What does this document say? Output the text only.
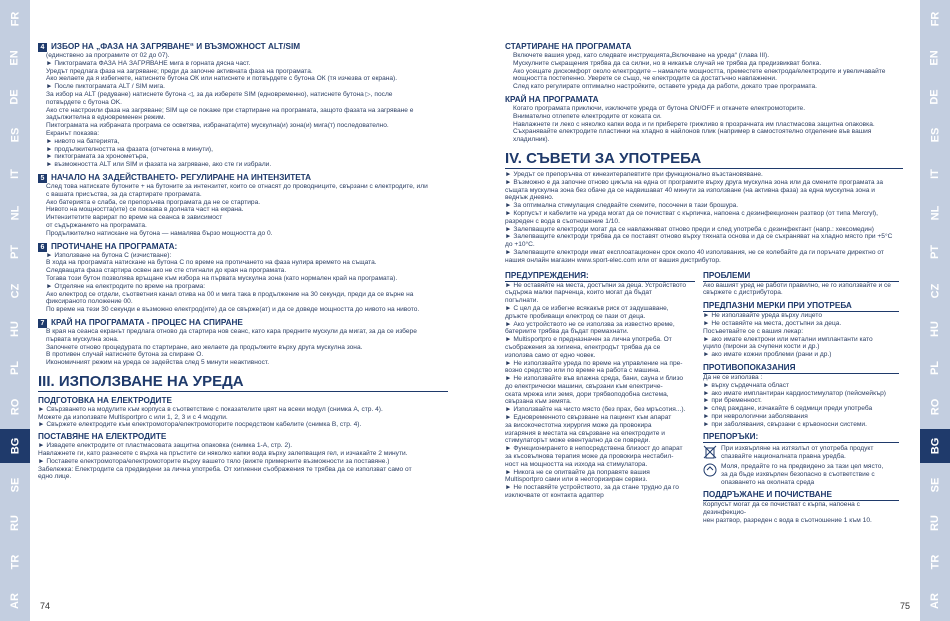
FR
EN
DE
ES
IT
NL
PT
CZ
HU
PL
RO
BG
SE
RU
TR
AR
FR
EN
DE
ES
IT
NL
PT
CZ
HU
PL
RO
BG
SE
RU
TR
AR

4 ИЗБОР НА „ФАЗА НА ЗАГРЯВАНЕ“ И ВЪЗМОЖНОСТ ALT/SIM

(единствено за програмите от 02 до 07).

► Пиктограмата ФАЗА НА ЗАГРЯВАНЕ мига в горната дясна част.

Уредът предлага фаза на загряване; преди да започне активната фаза на програмата.

Ако желаете да я избегнете, натиснете бутона ОК или натиснете и потвърдете с бутона ОК (тя изчезва от екрана).

► После пиктограмата ALT / SIM мига.

За избор на ALT (редуване) натиснете бутона ◁, за да изберете SIM (едновременно), натиснете бутона ▷, после

потвърдете с бутона OK.

Ако сте настроили фаза на загряване; SIM ще се покаже при стартиране на програмата, защото фазата на загряване е

задължителна в едновременен режим.

Пиктограмата на избраната програма се осветява, избраната(ите) мускулна(и) зона(и) мига(т) последователно.

Екранът показва:

► нивото на батерията,

► продължителността на фазата (отчетена в минути),

► пиктограмата за хронометъра,

► възможността ALT или SIM и фазата на загряване, ако сте ги избрали.

5 НАЧАЛО НА ЗАДЕЙСТВАНЕТО- РЕГУЛИРАНЕ НА ИНТЕНЗИТЕТА

След това натискате бутоните + на бутоните за интензитет, които се отнасят до проводниците, свързани с електродите, или

с вашата присъства, за да стартирате програмата.

Ако батерията е слаба, се препоръчва програмата да не се стартира.

Нивото на мощността(ите) се показва в долната част на екрана.

Интензитетите варират по време на сеанса в зависимост

от съдържанието на програмата.

Продължително натискане на бутона — намалява бързо мощността до 0.

6 ПРОТИЧАНЕ НА ПРОГРАМАТА:

► Използване на бутона C (изчистване):

В хода на програмата натискане на бутона C по време на протичането на фаза нулира времето на същата.

Следващата фаза стартира освен ако не сте стигнали до края на програмата.

Тогава този бутон позволява връщане към избора на първата мускулна зона (като нормален край на програмата).

► Отделяне на електродите по време на програма:

Ако електрод се отдели, съответния канал отива на 00 и мига така в продължение на 30 секунди, преди да се върне на

фиксираното положение 00.

По време на тези 30 секунди е възможно електрод(ите) да се свърже(ат) и да се доведе мощността до нивото на нивото.

7 КРАЙ НА ПРОГРАМАТА - ПРОЦЕС НА СПИРАНЕ

В края на сеанса екранът предлага отново да стартира нов сеанс, като кара предните мускули да мигат, за да се избере

първата мускулна зона.

Започнете отново процедурата по стартиране, ако желаете да продължите върху друга мускулна зона.

В противен случай натиснете бутона за спиране O.

Икономичният режим на уреда се задейства след 5 минути неактивност.

III. ИЗПОЛЗВАНЕ НА УРЕДА

ПОДГОТОВКА НА ЕЛЕКТРОДИТЕ

► Свързването на модулите към корпуса в съответствие с показателите цвят на всеки модул (снимка А, стр. 4).

Можете да използвате Multisportpro с или 1, 2, 3 и с 4 модули.

► Свържете електродите към електромотора/електромоторите посредством кабелите (снимка B, стр. 4).

ПОСТАВЯНЕ НА ЕЛЕКТРОДИТЕ

► Извадете електродите от пластмасовата защитна опаковка (снимка 1-A, стр. 2).

Навлажнете ги, като разнесете с върха на пръстите си няколко капки вода върху залепващия гел, и изчакайте 2 минути.

► Поставете електромотора/електромоторите върху вашето тяло (вижте примерните възможности за поставяне.)

Забележка: Електродите са предвидени за лична употреба. От хигиенни съображения те трябва да се използват само от

едно лице.

74

СТАРТИРАНЕ НА ПРОГРАМАТА

Включете вашия уред, като следвате инструкцията„Включване на уреда“ (глава III).

Мускулните съкращения трябва да са силни, но в никакъв случай не трябва да предизвикват болка.

Ако усещате дискомфорт около електродите – намалете мощността, преместете електрода/електродите и увеличавайте

мощността постепенно. Уверете се също, че електродите са достатъчно навлажнени.

След като регулирате оптимално настройките, оставете уреда да работи, докато трае програмата.

КРАЙ НА ПРОГРАМАТА

Когато програмата приключи, изключете уреда от бутона ON/OFF и откачете електромоторите.

Внимателно отлепете електродите от кожата си.

Навлажнете ги леко с няколко капки вода и ги приберете грижливо в прозрачната им пластмасова защитна опаковка.

Съхранявайте електродите пластинки на хладно в найлонов плик (например в самостоятелно отделение във вашия

хладилник).

IV. СЪВЕТИ ЗА УПОТРЕБА

► Уредът се препоръчва от кинезитерапевтите при функционално възстановяване.

► Възможно е да започне отново цикъла на една от програмите върху друга мускулна зона или да смените програмата за

същата мускулна зона без обаче да се надвишават 40 минути за използване (на активна фаза) за една мускулна зона и

веднъж дневно.

► За оптимална стимулация следвайте схемите, посочени в тази брошура.

► Корпусът и кабелите на уреда могат да се почистват с кърпичка, напоена с дезинфекционен разтвор (от типа Mercryl),

разреден с вода в съотношение 1/10.

► Залепващите електроди могат да се навлажняват отново преди и след употреба с дезинфектант (напр.: хексомедин)

► Залепващите електроди трябва да се поставят отново върху тяхната основа и да се съхраняват на хладно място при +5°C

до +10°C.

► Залепващите електроди имат експлоатационен срок около 40 използвания, не се колебайте да ги поръчате директно от

нашия онлайн магазин www.sport-elec.com или от вашия дистрибутор.

ПРЕДУПРЕЖДЕНИЯ:

► Не оставяйте на места, достъпни за деца. Устройството

съдържа малки парченца, които могат да бъдат

погълнати.

► С цел да се избегне всякакъв риск от задушаване,

дръжте пробиващи електрод се пази от деца.

► Ако устройството не се използва за известно време,

батериите трябва да бъдат премахнати.

► Multisportpro е предназначен за лична употреба. От

съображения за хигиена, електродът трябва да се

използва само от едно човек.

► Не използвайте уреда по време на управление на пре-

возно средство или по време на работа с машина.

► Не използвайте във влажна среда, бани, сауна и близо

до електрически машини, свързани към електриче-

ската мрежа или земя, дори трябвоподобна система,

свързана към земята.

► Използвайте на чисто място (без прах, без мръсотия...).

► Едновременното свързване на пациент към апарат

за високочестотна хирургия може да провокира

изгаряния в местата на свързване на електродите и

стимулаторът може евентуално да се повреди.

► Функционирането в непосредствена близост до апарат

за късовълнова терапия може да провокира нестабил-

ност на мощността на изхода на стимулатора.

► Никога не се опитвайте да поправяте вашия

Multisportpro сами или в неоторизиран сервиз.

► Не поставяйте устройството, за да стане трудно да го

изключвате от контакта адаптер

ПРОБЛЕМИ

Ако вашият уред не работи правилно, не го използвайте и се

свържете с дистрибутора.

ПРЕДПАЗНИ МЕРКИ ПРИ УПОТРЕБА

► Не използвайте уреда върху лицето

► Не оставяйте на места, достъпни за деца.

Посъветвайте се с вашия лекар:

► ако имате електрони или метални имплантанти като

уцило (пирони за счупени кости и др.)

► ако имате кожни проблеми (рани и др.)

ПРОТИВОПОКАЗАНИЯ

Да не се използва :

► върху сърдечната област

► ако имате имплантиран кардиостимулатор (пейсмейкър)

► при бременност.

► след раждане, изчакайте 6 седмици преди употреба

► при неврологични заболявания

► при заболявания, свързани с кръвоносни системи.

ПРЕПОРЪКИ:

При изхвърляне на изтязлъл от употреба продукт

спазвайте националната правна уредба.

Моля, предайте го на предвидено за тази цел място,

за да бъде изхвърлен безопасно в съответствие с

опазването на околната среда

ПОДДРЪЖАНЕ И ПОЧИСТВАНЕ

Корпусът могат да се почистват с кърпа, напоена с дезинфекцио-

нен разтвор, разреден с вода в съотношение 1 към 10.

75
